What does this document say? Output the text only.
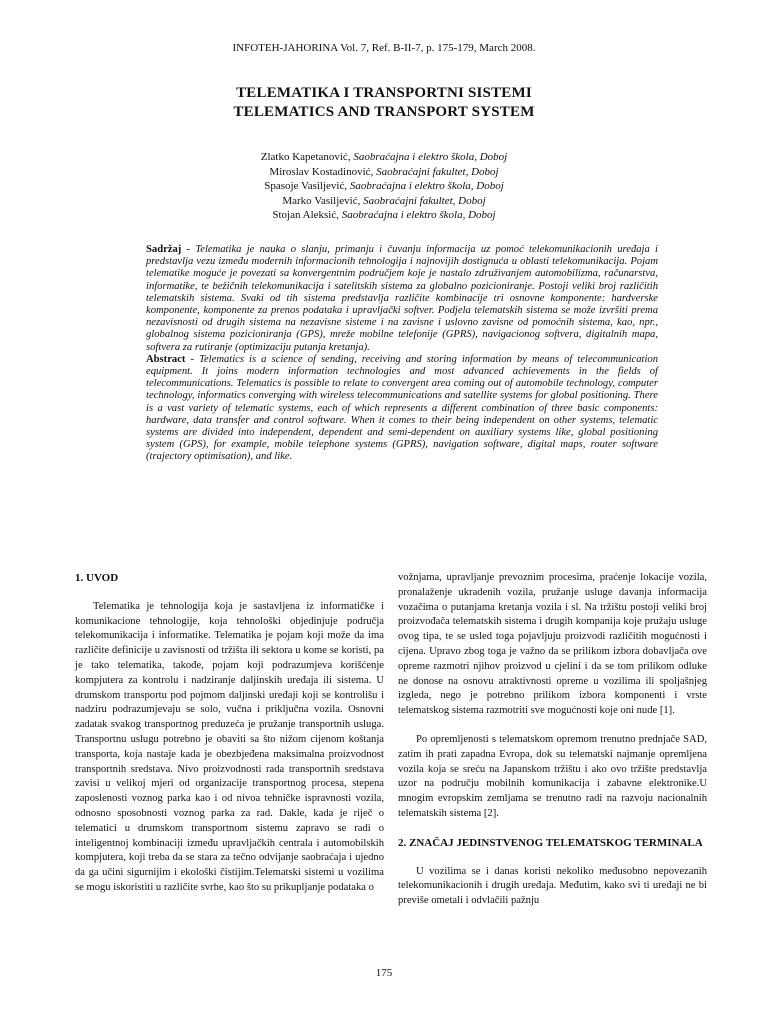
INFOTEH-JAHORINA Vol. 7, Ref. B-II-7, p. 175-179, March 2008.
TELEMATIKA I TRANSPORTNI SISTEMI
TELEMATICS AND TRANSPORT SYSTEM
Zlatko Kapetanović, Saobraćajna i elektro škola, Doboj
Miroslav Kostadinović, Saobraćajni fakultet, Doboj
Spasoje Vasiljević, Saobraćajna i elektro škola, Doboj
Marko Vasiljević, Saobraćajni fakultet, Doboj
Stojan Aleksić, Saobraćajna i elektro škola, Doboj

Sadržaj - Telematika je nauka o slanju, primanju i čuvanju informacija uz pomoć telekomunikacionih uređaja i predstavlja vezu između modernih informacionih tehnologija i najnovijih dostignuća u oblasti telekomunikacija. Pojam telematike moguće je povezati sa konvergentnim područjem koje je nastalo združivanjem automobilizma, računarstva, informatike, te bežičnih telekomunikacija i satelitskih sistema za globalno pozicioniranje. Postoji veliki broj različitih telematskih sistema. Svaki od tih sistema predstavlja različite kombinacije tri osnovne komponente: hardverske komponente, komponente za prenos podataka i upravljački softver. Podjela telematskih sistema se može izvršiti prema nezavisnosti od drugih sistema na nezavisne sisteme i na zavisne i uslovno zavisne od pomoćnih sistema, kao, npr., globalnog sistema pozicioniranja (GPS), mreže mobilne telefonije (GPRS), navigacionog softvera, digitalnih mapa, softvera za rutiranje (optimizaciju putanja kretanja).

Abstract - Telematics is a science of sending, receiving and storing information by means of telecommunication equipment. It joins modern information technologies and most advanced achievements in the fields of telecommunications. Telematics is possible to relate to convergent area coming out of automobile technology, computer technology, informatics converging with wireless telecommunications and satellite systems for global positioning. There is a vast variety of telematic systems, each of which represents a different combination of three basic components: hardware, data transfer and control software. When it comes to their being independent on other systems, telematic systems are divided into independent, dependent and semi-dependent on auxiliary systems like, global positioning system (GPS), for example, mobile telephone systems (GPRS), navigation software, digital maps, router software (trajectory optimisation), and like.

1. UVOD

Telematika je tehnologija koja je sastavljena iz informatičke i komunikacione tehnologije, koja tehnološki objedinjuje područja telekomunikacija i informatike. Telematika je pojam koji može da ima različite definicije u zavisnosti od tržišta ili sektora u kome se koristi, pa je tako telematika, takođe, pojam koji podrazumjeva korišćenje kompjutera za kontrolu i nadziranje daljinskih uređaja ili sistema. U drumskom transportu pod pojmom daljinski uređaji koji se kontrolišu i nadziru podrazumjevaju se solo, vučna i priključna vozila. Osnovni zadatak svakog transportnog preduzeća je pružanje transportnih usluga. Transportnu uslugu potrebno je obaviti sa što nižom cijenom koštanja transporta, koja nastaje kada je obezbjeđena maksimalna proizvodnost transportnih sredstava. Nivo proizvodnosti rada transportnih sredstava zavisi u velikoj mjeri od organizacije transportnog procesa, stepena zaposlenosti voznog parka kao i od nivoa tehničke ispravnosti vozila, odnosno sposobnosti voznog parka za rad. Dakle, kada je riječ o telematici u drumskom transportnom sistemu zapravo se radi o inteligentnoj kombinaciji između upravljačkih centrala i automobilskih kompjutera, koji treba da se stara za tečno odvijanje saobraćaja i ujedno da ga učini sigurnijim i ekološki čistijim.Telematski sistemi u vozilima se mogu iskoristiti u različite svrhe, kao što su prikupljanje podataka o

vožnjama, upravljanje prevoznim procesima, praćenje lokacije vozila, pronalaženje ukradenih vozila, pružanje usluge davanja informacija vozačima o putanjama kretanja vozila i sl. Na tržištu postoji veliki broj proizvođača telematskih sistema i drugih kompanija koje pružaju usluge ovog tipa, te se usled toga pojavljuju proizvodi različitih mogućnosti i cijena. Upravo zbog toga je važno da se prilikom izbora dobavljača ove opreme razmotri njihov proizvod u cjelini i da se tom prilikom odluke ne donose na osnovu atraktivnosti opreme u vozilima ili spoljašnjeg izgleda, nego je potrebno prilikom izbora komponenti i vrste telematskog sistema razmotriti sve mogućnosti koje oni nude [1].

Po opremljenosti s telematskom opremom trenutno prednjače SAD, zatim ih prati zapadna Evropa, dok su telematski najmanje opremljena vozila koja se sreću na Japanskom tržištu i ako ovo tržište predstavlja uzor na području mobilnih komunikacija i zabavne elektronike.U mnogim evropskim zemljama se trenutno radi na razvoju nacionalnih telematskih sistema [2].

2. ZNAČAJ JEDINSTVENOG TELEMATSKOG TERMINALA

U vozilima se i danas koristi nekoliko međusobno nepovezanih telekomunikacionih i drugih uređaja. Međutim, kako svi ti uređaji ne bi previše ometali i odvlačili pažnju

175
